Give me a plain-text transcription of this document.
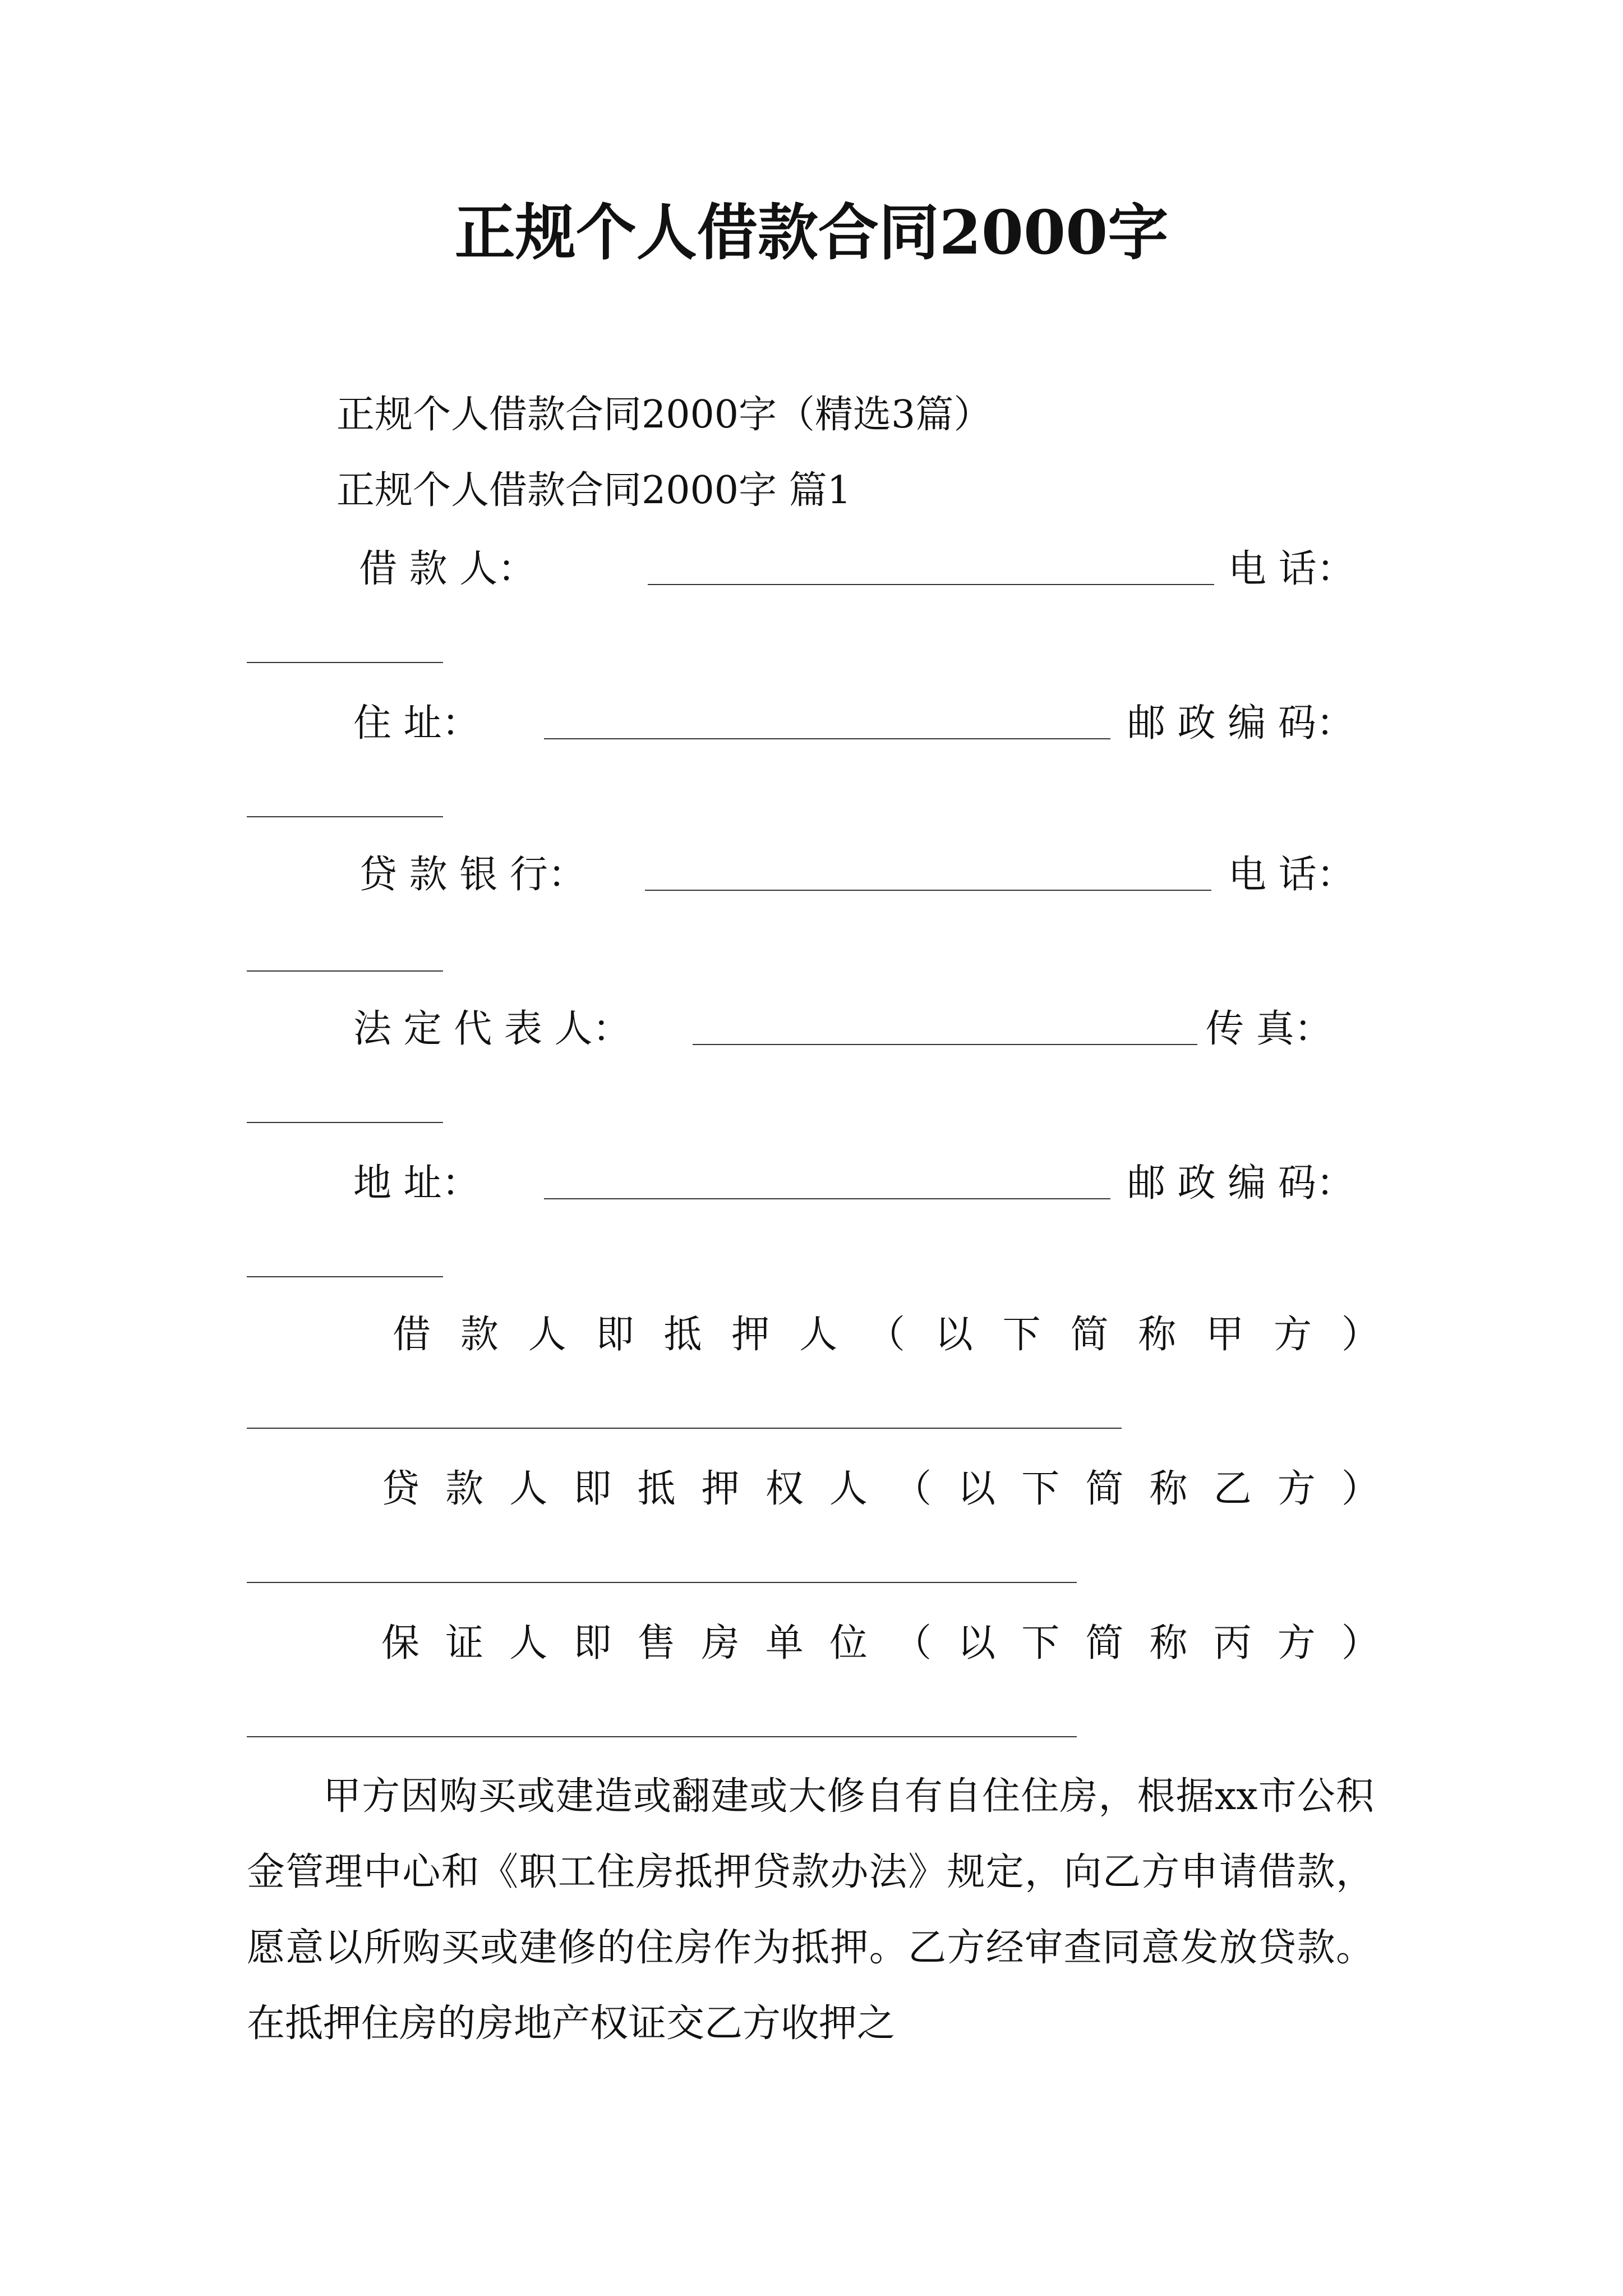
正规个人借款合同2000字
正规个人借款合同2000字（精选3篇）
正规个人借款合同2000字 篇1
借 款 人：	电 话：
住 址：	邮 政 编 码：
贷 款 银 行：	电 话：
法 定 代 表 人：	传 真：
地 址：	邮 政 编 码：
借 款 人 即 抵 押 人 （ 以 下 简 称 甲 方 ）
贷 款 人 即 抵 押 权 人 （ 以 下 简 称 乙 方 ）
保 证 人 即 售 房 单 位 （ 以 下 简 称 丙 方 ）

甲方因购买或建造或翻建或大修自有自住住房，根据xx市公积金管理中心和《职工住房抵押贷款办法》规定，向乙方申请借款，愿意以所购买或建修的住房作为抵押。乙方经审查同意发放贷款。在抵押住房的房地产权证交乙方收押之
